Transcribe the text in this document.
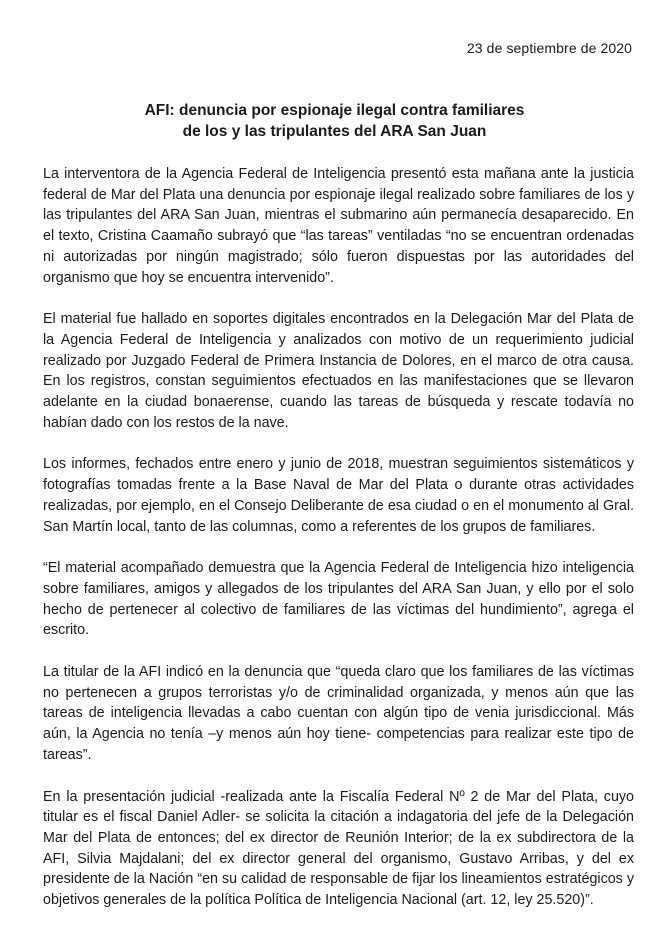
23 de septiembre de 2020
AFI: denuncia por espionaje ilegal contra familiares
de los y las tripulantes del ARA San Juan

La interventora de la Agencia Federal de Inteligencia presentó esta mañana ante la justicia federal de Mar del Plata una denuncia por espionaje ilegal realizado sobre familiares de los y las tripulantes del ARA San Juan, mientras el submarino aún permanecía desaparecido. En el texto, Cristina Caamaño subrayó que “las tareas” ventiladas “no se encuentran ordenadas ni autorizadas por ningún magistrado; sólo fueron dispuestas por las autoridades del organismo que hoy se encuentra intervenido”.

El material fue hallado en soportes digitales encontrados en la Delegación Mar del Plata de la Agencia Federal de Inteligencia y analizados con motivo de un requerimiento judicial realizado por Juzgado Federal de Primera Instancia de Dolores, en el marco de otra causa. En los registros, constan seguimientos efectuados en las manifestaciones que se llevaron adelante en la ciudad bonaerense, cuando las tareas de búsqueda y rescate todavía no habían dado con los restos de la nave.

Los informes, fechados entre enero y junio de 2018, muestran seguimientos sistemáticos y fotografías tomadas frente a la Base Naval de Mar del Plata o durante otras actividades realizadas, por ejemplo, en el Consejo Deliberante de esa ciudad o en el monumento al Gral. San Martín local, tanto de las columnas, como a referentes de los grupos de familiares.

“El material acompañado demuestra que la Agencia Federal de Inteligencia hizo inteligencia sobre familiares, amigos y allegados de los tripulantes del ARA San Juan, y ello por el solo hecho de pertenecer al colectivo de familiares de las víctimas del hundimiento”, agrega el escrito.

La titular de la AFI indicó en la denuncia que “queda claro que los familiares de las víctimas no pertenecen a grupos terroristas y/o de criminalidad organizada, y menos aún que las tareas de inteligencia llevadas a cabo cuentan con algún tipo de venia jurisdiccional. Más aún, la Agencia no tenía –y menos aún hoy tiene- competencias para realizar este tipo de tareas”.

En la presentación judicial -realizada ante la Fiscalía Federal Nº 2 de Mar del Plata, cuyo titular es el fiscal Daniel Adler- se solicita la citación a indagatoria del jefe de la Delegación Mar del Plata de entonces; del ex director de Reunión Interior; de la ex subdirectora de la AFI, Silvia Majdalani; del ex director general del organismo, Gustavo Arribas, y del ex presidente de la Nación “en su calidad de responsable de fijar los lineamientos estratégicos y objetivos generales de la política Política de Inteligencia Nacional (art. 12, ley 25.520)”.
